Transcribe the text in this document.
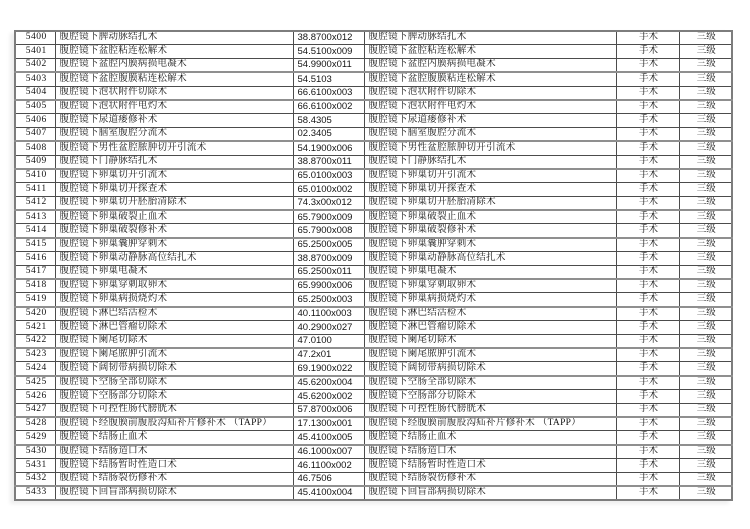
5400	腹腔镜下脾动脉结扎术	38.8700x012	腹腔镜下脾动脉结扎术	手术	三级
5401	腹腔镜下盆腔粘连松解术	54.5100x009	腹腔镜下盆腔粘连松解术	手术	三级
5402	腹腔镜下盆腔内膜病损电凝术	54.9900x011	腹腔镜下盆腔内膜病损电凝术	手术	三级
5403	腹腔镜下盆腔腹膜粘连松解术	54.5103	腹腔镜下盆腔腹膜粘连松解术	手术	三级
5404	腹腔镜下泡状附件切除术	66.6100x003	腹腔镜下泡状附件切除术	手术	三级
5405	腹腔镜下泡状附件电灼术	66.6100x002	腹腔镜下泡状附件电灼术	手术	三级
5406	腹腔镜下尿道瘘修补术	58.4305	腹腔镜下尿道瘘修补术	手术	三级
5407	腹腔镜下脑室腹腔分流术	02.3405	腹腔镜下脑室腹腔分流术	手术	三级
5408	腹腔镜下男性盆腔脓肿切开引流术	54.1900x006	腹腔镜下男性盆腔脓肿切开引流术	手术	三级
5409	腹腔镜下门静脉结扎术	38.8700x011	腹腔镜下门静脉结扎术	手术	三级
5410	腹腔镜下卵巢切开引流术	65.0100x003	腹腔镜下卵巢切开引流术	手术	三级
5411	腹腔镜下卵巢切开探查术	65.0100x002	腹腔镜下卵巢切开探查术	手术	三级
5412	腹腔镜下卵巢切开胚胎清除术	74.3x00x012	腹腔镜下卵巢切开胚胎清除术	手术	三级
5413	腹腔镜下卵巢破裂止血术	65.7900x009	腹腔镜下卵巢破裂止血术	手术	三级
5414	腹腔镜下卵巢破裂修补术	65.7900x008	腹腔镜下卵巢破裂修补术	手术	三级
5415	腹腔镜下卵巢囊肿穿刺术	65.2500x005	腹腔镜下卵巢囊肿穿刺术	手术	三级
5416	腹腔镜下卵巢动静脉高位结扎术	38.8700x009	腹腔镜下卵巢动静脉高位结扎术	手术	三级
5417	腹腔镜下卵巢电凝术	65.2500x011	腹腔镜下卵巢电凝术	手术	三级
5418	腹腔镜下卵巢穿刺取卵术	65.9900x006	腹腔镜下卵巢穿刺取卵术	手术	三级
5419	腹腔镜下卵巢病损烧灼术	65.2500x003	腹腔镜下卵巢病损烧灼术	手术	三级
5420	腹腔镜下淋巴结活检术	40.1100x003	腹腔镜下淋巴结活检术	手术	三级
5421	腹腔镜下淋巴管瘤切除术	40.2900x027	腹腔镜下淋巴管瘤切除术	手术	三级
5422	腹腔镜下阑尾切除术	47.0100	腹腔镜下阑尾切除术	手术	三级
5423	腹腔镜下阑尾脓肿引流术	47.2x01	腹腔镜下阑尾脓肿引流术	手术	三级
5424	腹腔镜下阔韧带病损切除术	69.1900x022	腹腔镜下阔韧带病损切除术	手术	三级
5425	腹腔镜下空肠全部切除术	45.6200x004	腹腔镜下空肠全部切除术	手术	三级
5426	腹腔镜下空肠部分切除术	45.6200x002	腹腔镜下空肠部分切除术	手术	三级
5427	腹腔镜下可控性肠代膀胱术	57.8700x006	腹腔镜下可控性肠代膀胱术	手术	三级
5428	腹腔镜下经腹膜前腹股沟疝补片修补术 （TAPP）	17.1300x001	腹腔镜下经腹膜前腹股沟疝补片修补术 （TAPP）	手术	三级
5429	腹腔镜下结肠止血术	45.4100x005	腹腔镜下结肠止血术	手术	三级
5430	腹腔镜下结肠造口术	46.1000x007	腹腔镜下结肠造口术	手术	三级
5431	腹腔镜下结肠暂时性造口术	46.1100x002	腹腔镜下结肠暂时性造口术	手术	三级
5432	腹腔镜下结肠裂伤修补术	46.7506	腹腔镜下结肠裂伤修补术	手术	三级
5433	腹腔镜下回盲部病损切除术	45.4100x004	腹腔镜下回盲部病损切除术	手术	三级
